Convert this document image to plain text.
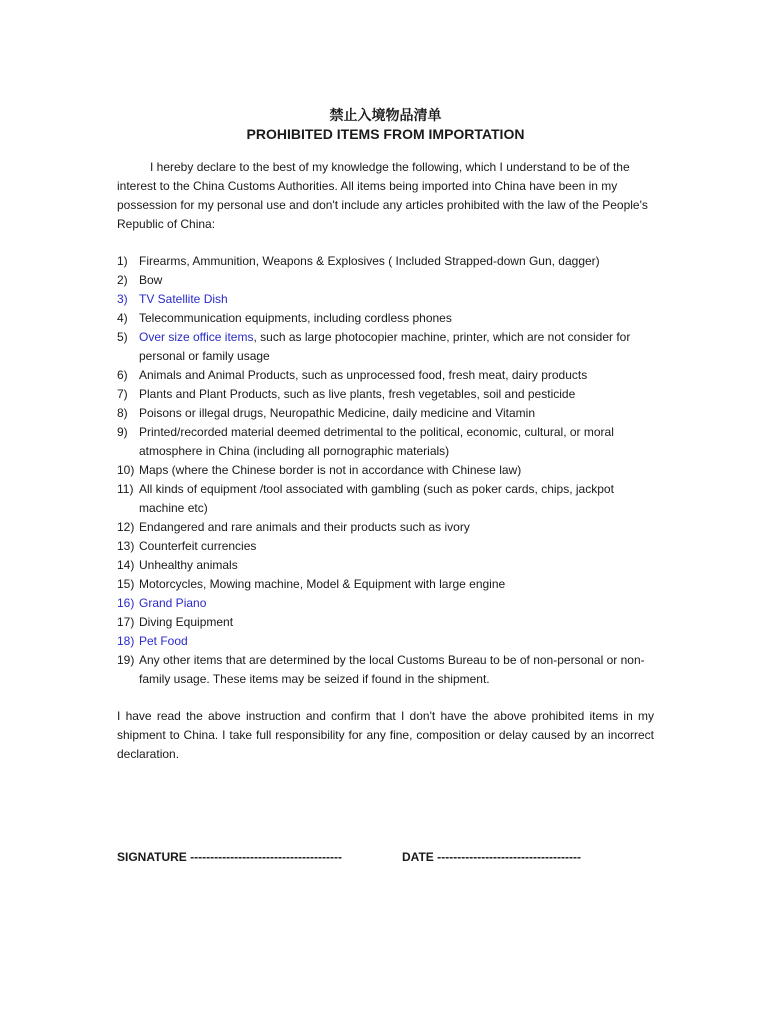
禁止入境物品清单

PROHIBITED ITEMS FROM IMPORTATION

I hereby declare to the best of my knowledge the following, which I understand to be of the interest to the China Customs Authorities. All items being imported into China have been in my possession for my personal use and don't include any articles prohibited with the law of the People's Republic of China:

1) Firearms, Ammunition, Weapons & Explosives ( Included Strapped-down Gun, dagger)
2) Bow
3) TV Satellite Dish
4) Telecommunication equipments, including cordless phones
5) Over size office items, such as large photocopier machine, printer, which are not consider for personal or family usage
6) Animals and Animal Products, such as unprocessed food, fresh meat, dairy products
7) Plants and Plant Products, such as live plants, fresh vegetables, soil and pesticide
8) Poisons or illegal drugs, Neuropathic Medicine, daily medicine and Vitamin
9) Printed/recorded material deemed detrimental to the political, economic, cultural, or moral atmosphere in China (including all pornographic materials)
10) Maps (where the Chinese border is not in accordance with Chinese law)
11) All kinds of equipment /tool associated with gambling (such as poker cards, chips, jackpot machine etc)
12) Endangered and rare animals and their products such as ivory
13) Counterfeit currencies
14) Unhealthy animals
15) Motorcycles, Mowing machine, Model & Equipment with large engine
16) Grand Piano
17) Diving Equipment
18) Pet Food
19) Any other items that are determined by the local Customs Bureau to be of non-personal or non-family usage. These items may be seized if found in the shipment.

I have read the above instruction and confirm that I don't have the above prohibited items in my shipment to China. I take full responsibility for any fine, composition or delay caused by an incorrect declaration.

SIGNATURE --------------------------------------	DATE ------------------------------------
